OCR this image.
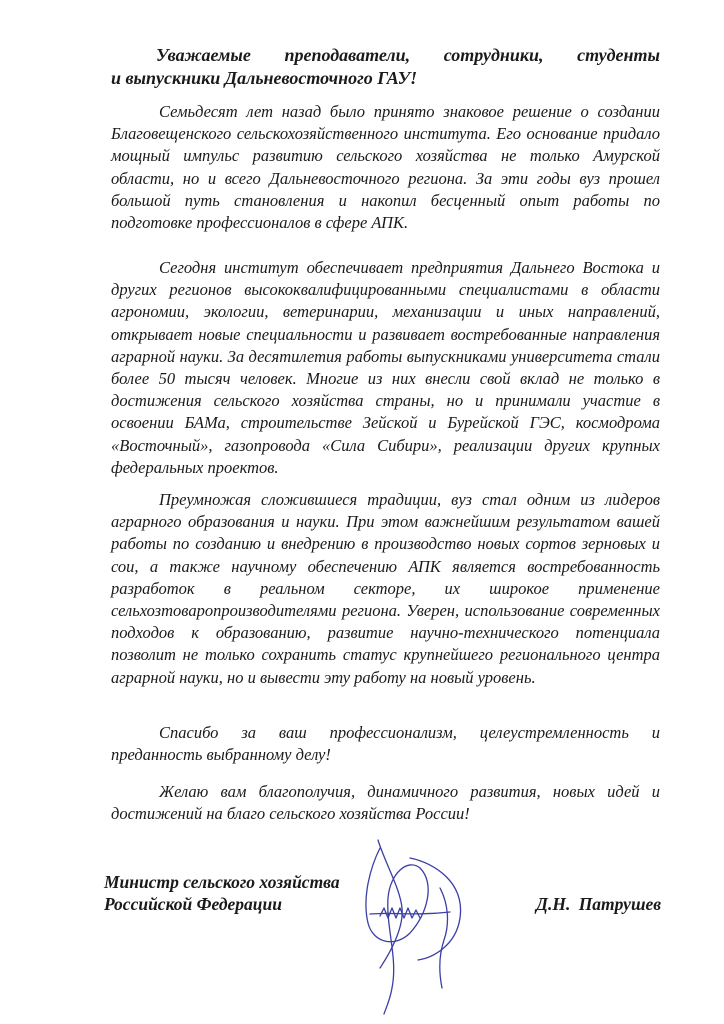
Уважаемые преподаватели, сотрудники, студенты
и выпускники Дальневосточного ГАУ!

Семьдесят лет назад было принято знаковое решение о создании Благовещенского сельскохозяйственного института. Его основание придало мощный импульс развитию сельского хозяйства не только Амурской области, но и всего Дальневосточного региона. За эти годы вуз прошел большой путь становления и накопил бесценный опыт работы по подготовке профессионалов в сфере АПК.

Сегодня институт обеспечивает предприятия Дальнего Востока и других регионов высококвалифицированными специалистами в области агрономии, экологии, ветеринарии, механизации и иных направлений, открывает новые специальности и развивает востребованные направления аграрной науки. За десятилетия работы выпускниками университета стали более 50 тысяч человек. Многие из них внесли свой вклад не только в достижения сельского хозяйства страны, но и принимали участие в освоении БАМа, строительстве Зейской и Бурейской ГЭС, космодрома «Восточный», газопровода «Сила Сибири», реализации других крупных федеральных проектов.

Преумножая сложившиеся традиции, вуз стал одним из лидеров аграрного образования и науки. При этом важнейшим результатом вашей работы по созданию и внедрению в производство новых сортов зерновых и сои, а также научному обеспечению АПК является востребованность разработок в реальном секторе, их широкое применение сельхозтоваропроизводителями региона. Уверен, использование современных подходов к образованию, развитие научно-технического потенциала позволит не только сохранить статус крупнейшего регионального центра аграрной науки, но и вывести эту работу на новый уровень.

Спасибо за ваш профессионализм, целеустремленность и преданность выбранному делу!

Желаю вам благополучия, динамичного развития, новых идей и достижений на благо сельского хозяйства России!

Министр сельского хозяйства
Российской Федерации	Д.Н. Патрушев
